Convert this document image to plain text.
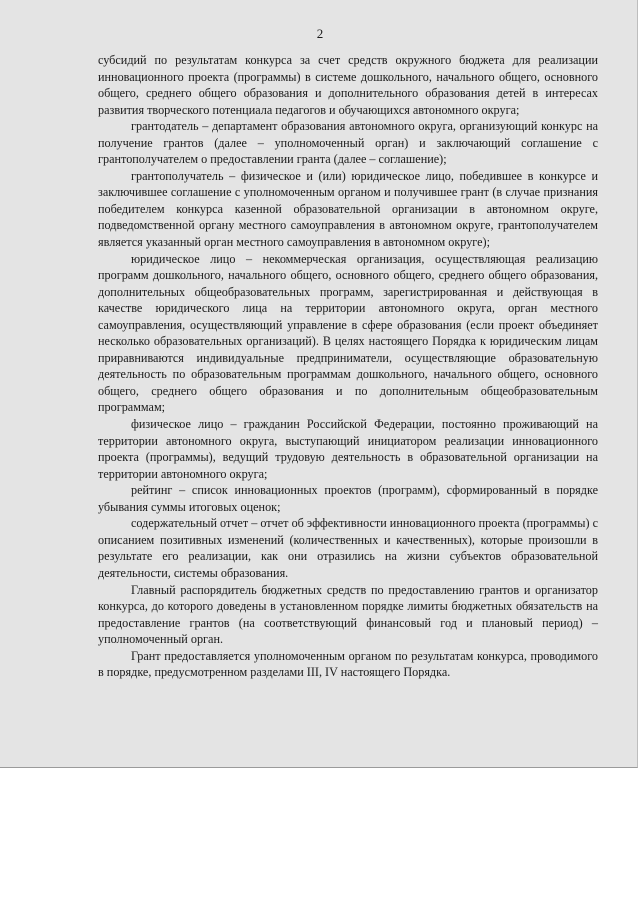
2

субсидий по результатам конкурса за счет средств окружного бюджета для реализации инновационного проекта (программы) в системе дошкольного, начального общего, основного общего, среднего общего образования и дополнительного образования детей в интересах развития творческого потенциала педагогов и обучающихся автономного округа;

грантодатель – департамент образования автономного округа, организующий конкурс на получение грантов (далее – уполномоченный орган) и заключающий соглашение с грантополучателем о предоставлении гранта (далее – соглашение);

грантополучатель – физическое и (или) юридическое лицо, победившее в конкурсе и заключившее соглашение с уполномоченным органом и получившее грант (в случае признания победителем конкурса казенной образовательной организации в автономном округе, подведомственной органу местного самоуправления в автономном округе, грантополучателем является указанный орган местного самоуправления в автономном округе);

юридическое лицо – некоммерческая организация, осуществляющая реализацию программ дошкольного, начального общего, основного общего, среднего общего образования, дополнительных общеобразовательных программ, зарегистрированная и действующая в качестве юридического лица на территории автономного округа, орган местного самоуправления, осуществляющий управление в сфере образования (если проект объединяет несколько образовательных организаций). В целях настоящего Порядка к юридическим лицам приравниваются индивидуальные предприниматели, осуществляющие образовательную деятельность по образовательным программам дошкольного, начального общего, основного общего, среднего общего образования и по дополнительным общеобразовательным программам;

физическое лицо – гражданин Российской Федерации, постоянно проживающий на территории автономного округа, выступающий инициатором реализации инновационного проекта (программы), ведущий трудовую деятельность в образовательной организации на территории автономного округа;

рейтинг – список инновационных проектов (программ), сформированный в порядке убывания суммы итоговых оценок;

содержательный отчет – отчет об эффективности инновационного проекта (программы) с описанием позитивных изменений (количественных и качественных), которые произошли в результате его реализации, как они отразились на жизни субъектов образовательной деятельности, системы образования.

Главный распорядитель бюджетных средств по предоставлению грантов и организатор конкурса, до которого доведены в установленном порядке лимиты бюджетных обязательств на предоставление грантов (на соответствующий финансовый год и плановый период) – уполномоченный орган.

Грант предоставляется уполномоченным органом по результатам конкурса, проводимого в порядке, предусмотренном разделами III, IV настоящего Порядка.
